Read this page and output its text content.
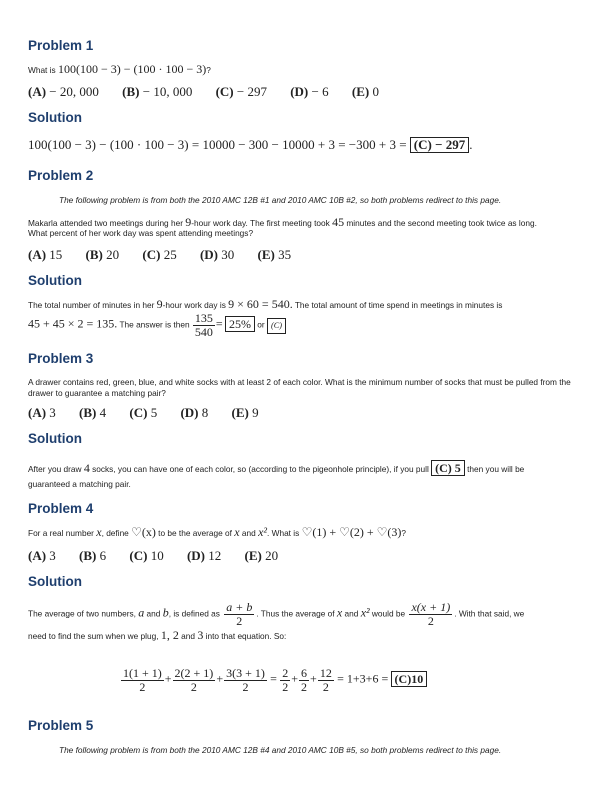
Problem 1
What is 100(100 − 3) − (100 · 100 − 3)?
(A) − 20, 000 (B) − 10, 000 (C) − 297 (D) − 6 (E) 0
Solution
100(100 − 3) − (100 · 100 − 3) = 10000 − 300 − 10000 + 3 = −300 + 3 = (C) − 297 .
Problem 2
The following problem is from both the 2010 AMC 12B #1 and 2010 AMC 10B #2, so both problems redirect to this page.
Makarla attended two meetings during her 9-hour work day. The first meeting took 45 minutes and the second meeting took twice as long.
What percent of her work day was spent attending meetings?
(A) 15 (B) 20 (C) 25 (D) 30 (E) 35
Solution
The total number of minutes in her 9-hour work day is 9 × 60 = 540. The total amount of time spend in meetings in minutes is
45 + 45 × 2 = 135. The answer is then $\frac{135}{540} = 25\%$ or (C)
Problem 3
A drawer contains red, green, blue, and white socks with at least 2 of each color. What is the minimum number of socks that must be pulled from the drawer to guarantee a matching pair?
(A) 3 (B) 4 (C) 5 (D) 8 (E) 9
Solution
After you draw 4 socks, you can have one of each color, so (according to the pigeonhole principle), if you pull (C) 5 then you will be
guaranteed a matching pair.
Problem 4
For a real number x, define ♡(x) to be the average of x and x². What is ♡(1) + ♡(2) + ♡(3)?
(A) 3 (B) 6 (C) 10 (D) 12 (E) 20
Solution
The average of two numbers, a and b, is defined as $\frac{a + b}{2}$ . Thus the average of x and x² would be $\frac{x(x + 1)}{2}$ . With that said, we
need to find the sum when we plug, 1, 2 and 3 into that equation. So:
$\frac{1(1 + 1)}{2} + \frac{2(2 + 1)}{2} + \frac{3(3 + 1)}{2} = \frac{2}{2} + \frac{6}{2} + \frac{12}{2} = 1+3+6 = (C)10$
Problem 5
The following problem is from both the 2010 AMC 12B #4 and 2010 AMC 10B #5, so both problems redirect to this page.
